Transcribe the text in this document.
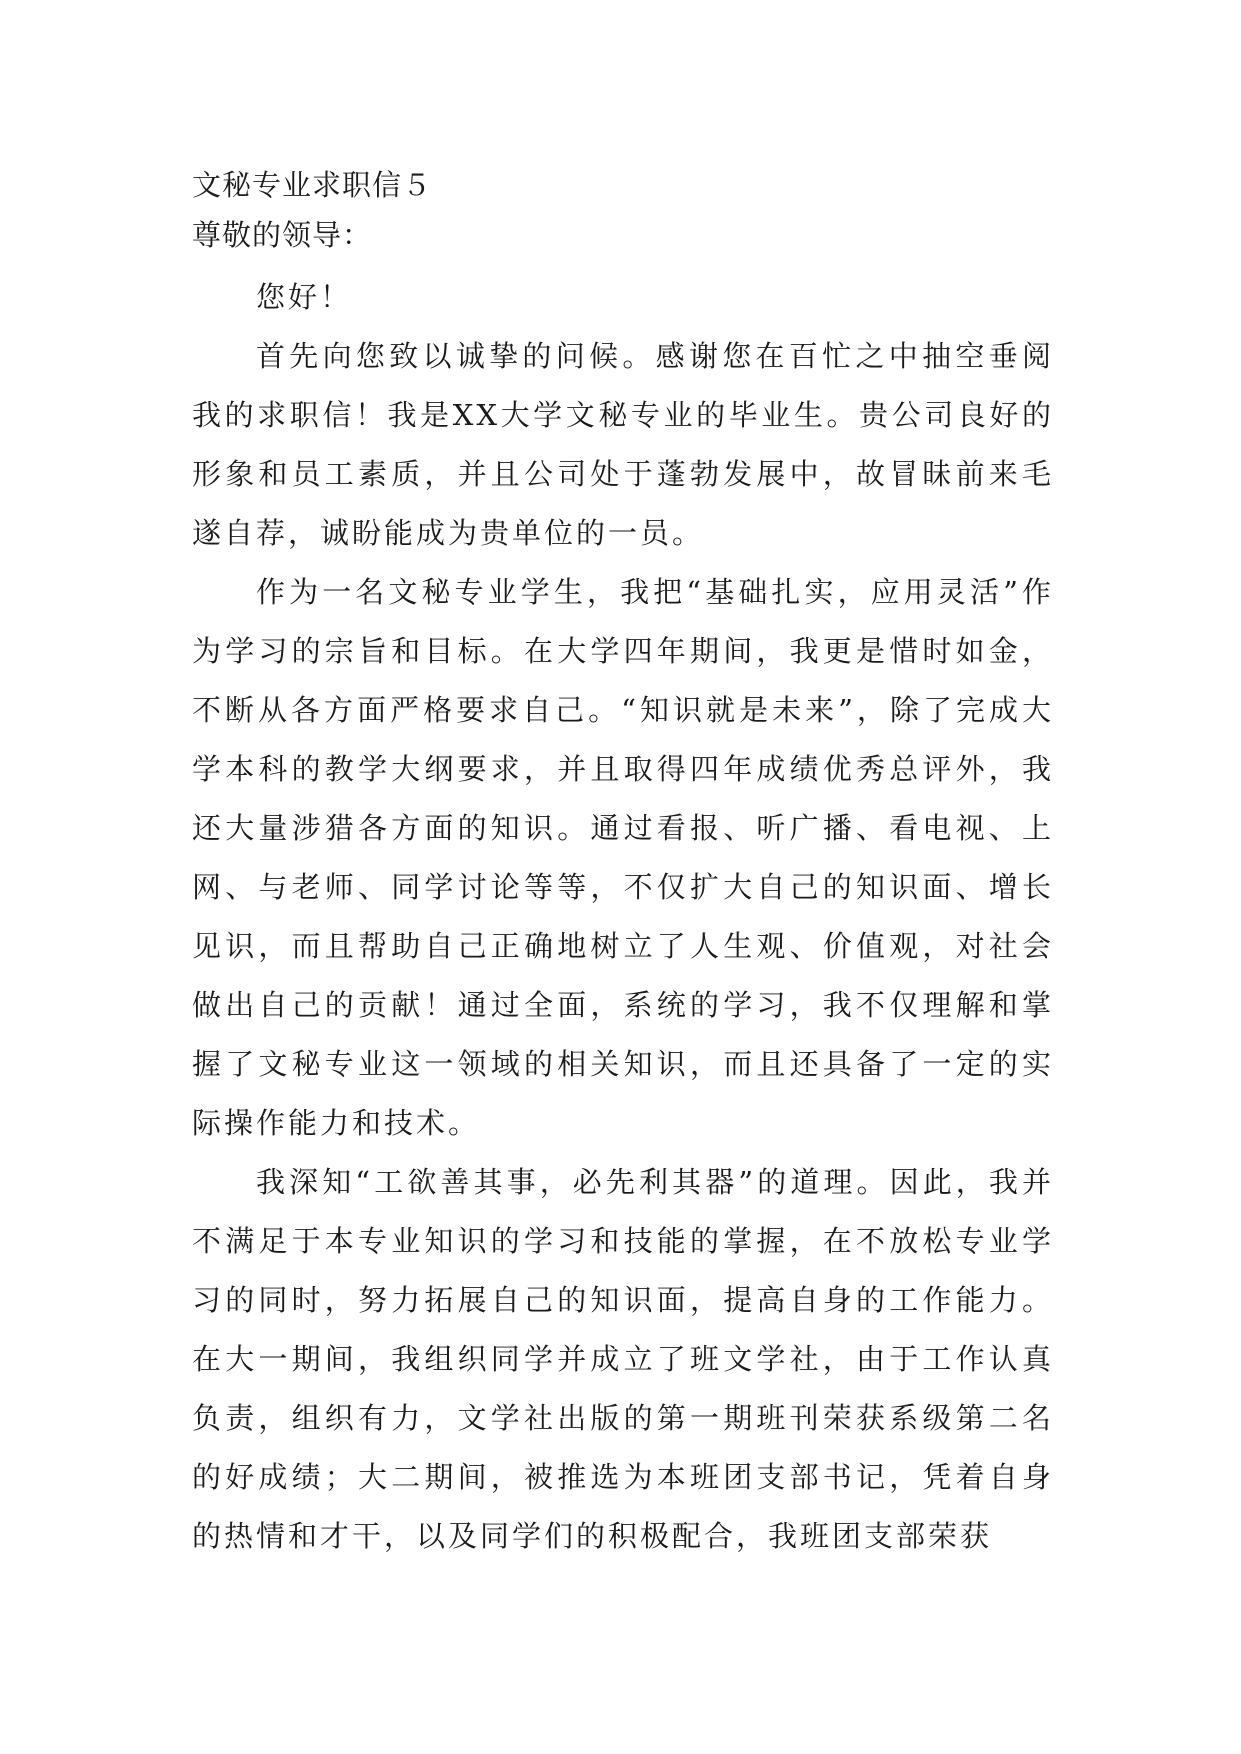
文秘专业求职信５

尊敬的领导：

您好！

首先向您致以诚挚的问候。感谢您在百忙之中抽空垂阅我的求职信！我是XX大学文秘专业的毕业生。贵公司良好的形象和员工素质，并且公司处于蓬勃发展中，故冒昧前来毛遂自荐，诚盼能成为贵单位的一员。

作为一名文秘专业学生，我把“基础扎实，应用灵活”作为学习的宗旨和目标。在大学四年期间，我更是惜时如金，不断从各方面严格要求自己。“知识就是未来”，除了完成大学本科的教学大纲要求，并且取得四年成绩优秀总评外，我还大量涉猎各方面的知识。通过看报、听广播、看电视、上网、与老师、同学讨论等等，不仅扩大自己的知识面、增长见识，而且帮助自己正确地树立了人生观、价值观，对社会做出自己的贡献！通过全面，系统的学习，我不仅理解和掌握了文秘专业这一领域的相关知识，而且还具备了一定的实际操作能力和技术。

我深知“工欲善其事，必先利其器”的道理。因此，我并不满足于本专业知识的学习和技能的掌握，在不放松专业学习的同时，努力拓展自己的知识面，提高自身的工作能力。在大一期间，我组织同学并成立了班文学社，由于工作认真负责，组织有力，文学社出版的第一期班刊荣获系级第二名的好成绩；大二期间，被推选为本班团支部书记，凭着自身的热情和才干，以及同学们的积极配合，我班团支部荣获
